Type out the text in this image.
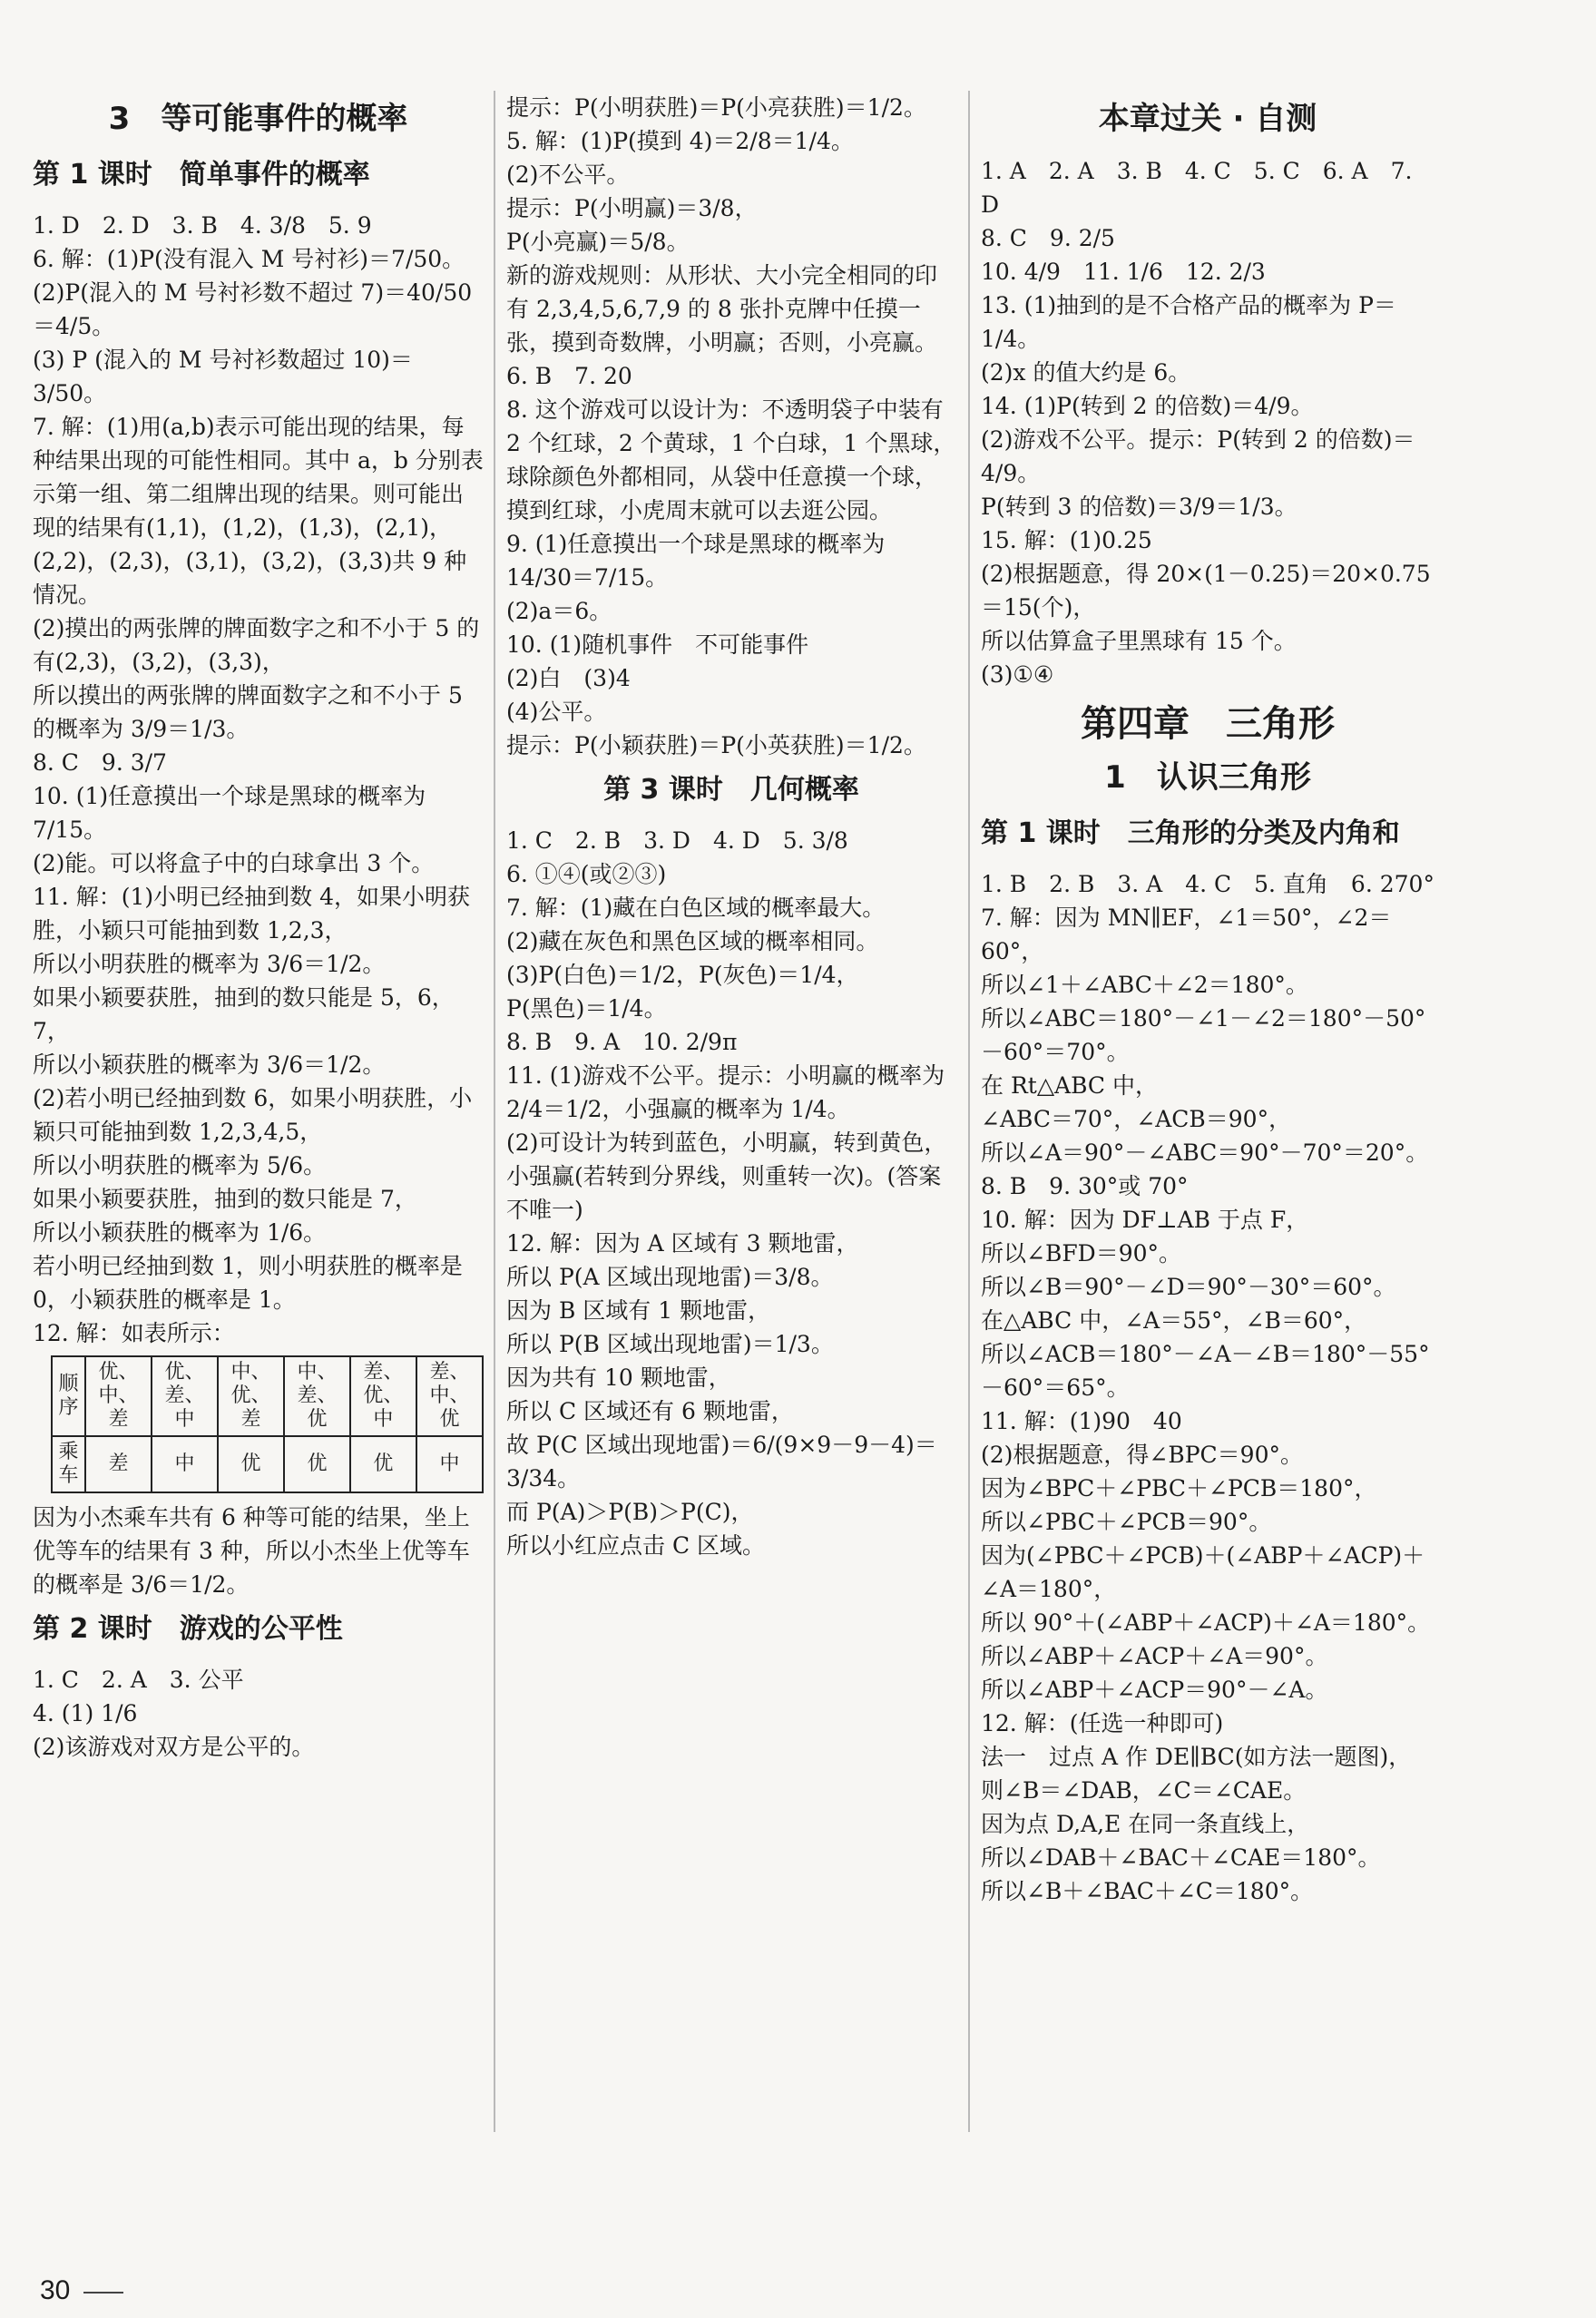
3　等可能事件的概率
第 1 课时　简单事件的概率
1. D　2. D　3. B　4. 3/8　5. 9
6. 解：(1)P(没有混入 M 号衬衫)＝7/50。
(2)P(混入的 M 号衬衫数不超过 7)＝40/50＝4/5。
(3) P (混入的 M 号衬衫数超过 10)＝3/50。
7. 解：(1)用(a,b)表示可能出现的结果，每种结果出现的可能性相同。其中 a，b 分别表示第一组、第二组牌出现的结果。则可能出现的结果有(1,1)，(1,2)，(1,3)，(2,1)，(2,2)，(2,3)，(3,1)，(3,2)，(3,3)共 9 种情况。
(2)摸出的两张牌的牌面数字之和不小于 5 的有(2,3)，(3,2)，(3,3)，
所以摸出的两张牌的牌面数字之和不小于 5 的概率为 3/9＝1/3。
8. C　9. 3/7
10. (1)任意摸出一个球是黑球的概率为 7/15。
(2)能。可以将盒子中的白球拿出 3 个。
11. 解：(1)小明已经抽到数 4，如果小明获胜，小颖只可能抽到数 1,2,3，
所以小明获胜的概率为 3/6＝1/2。
如果小颖要获胜，抽到的数只能是 5，6，7，
所以小颖获胜的概率为 3/6＝1/2。
(2)若小明已经抽到数 6，如果小明获胜，小颖只可能抽到数 1,2,3,4,5，
所以小明获胜的概率为 5/6。
如果小颖要获胜，抽到的数只能是 7，
所以小颖获胜的概率为 1/6。
若小明已经抽到数 1，则小明获胜的概率是 0，小颖获胜的概率是 1。
12. 解：如表所示：
顺序	优、中、差	优、差、中	中、优、差	中、差、优	差、优、中	差、中、优
乘车	差	中	优	优	优	中
因为小杰乘车共有 6 种等可能的结果，坐上优等车的结果有 3 种，所以小杰坐上优等车的概率是 3/6＝1/2。
第 2 课时　游戏的公平性
1. C　2. A　3. 公平
4. (1) 1/6
(2)该游戏对双方是公平的。
提示：P(小明获胜)＝P(小亮获胜)＝1/2。
5. 解：(1)P(摸到 4)＝2/8＝1/4。
(2)不公平。
提示：P(小明赢)＝3/8，
P(小亮赢)＝5/8。
新的游戏规则：从形状、大小完全相同的印有 2,3,4,5,6,7,9 的 8 张扑克牌中任摸一张，摸到奇数牌，小明赢；否则，小亮赢。
6. B　7. 20
8. 这个游戏可以设计为：不透明袋子中装有 2 个红球，2 个黄球，1 个白球，1 个黑球，球除颜色外都相同，从袋中任意摸一个球，摸到红球，小虎周末就可以去逛公园。
9. (1)任意摸出一个球是黑球的概率为 14/30＝7/15。
(2)a＝6。
10. (1)随机事件　不可能事件
(2)白　(3)4
(4)公平。
提示：P(小颖获胜)＝P(小英获胜)＝1/2。
第 3 课时　几何概率
1. C　2. B　3. D　4. D　5. 3/8
6. ①④(或②③)
7. 解：(1)藏在白色区域的概率最大。
(2)藏在灰色和黑色区域的概率相同。
(3)P(白色)＝1/2，P(灰色)＝1/4，
P(黑色)＝1/4。
8. B　9. A　10. 2/9π
11. (1)游戏不公平。提示：小明赢的概率为 2/4＝1/2，小强赢的概率为 1/4。
(2)可设计为转到蓝色，小明赢，转到黄色，小强赢(若转到分界线，则重转一次)。(答案不唯一)
12. 解：因为 A 区域有 3 颗地雷，
所以 P(A 区域出现地雷)＝3/8。
因为 B 区域有 1 颗地雷，
所以 P(B 区域出现地雷)＝1/3。
因为共有 10 颗地雷，
所以 C 区域还有 6 颗地雷，
故 P(C 区域出现地雷)＝6/(9×9－9－4)＝3/34。
而 P(A)＞P(B)＞P(C)，
所以小红应点击 C 区域。
本章过关 · 自测
1. A　2. A　3. B　4. C　5. C　6. A　7. D
8. C　9. 2/5
10. 4/9　11. 1/6　12. 2/3
13. (1)抽到的是不合格产品的概率为 P＝1/4。
(2)x 的值大约是 6。
14. (1)P(转到 2 的倍数)＝4/9。
(2)游戏不公平。提示：P(转到 2 的倍数)＝4/9。
P(转到 3 的倍数)＝3/9＝1/3。
15. 解：(1)0.25
(2)根据题意，得 20×(1－0.25)＝20×0.75＝15(个)，
所以估算盒子里黑球有 15 个。
(3)①④
第四章　三角形
1　认识三角形
第 1 课时　三角形的分类及内角和
1. B　2. B　3. A　4. C　5. 直角　6. 270°
7. 解：因为 MN∥EF，∠1＝50°，∠2＝60°，
所以∠1＋∠ABC＋∠2＝180°。
所以∠ABC＝180°－∠1－∠2＝180°－50°－60°＝70°。
在 Rt△ABC 中，
∠ABC＝70°，∠ACB＝90°，
所以∠A＝90°－∠ABC＝90°－70°＝20°。
8. B　9. 30°或 70°
10. 解：因为 DF⊥AB 于点 F，
所以∠BFD＝90°。
所以∠B＝90°－∠D＝90°－30°＝60°。
在△ABC 中，∠A＝55°，∠B＝60°，
所以∠ACB＝180°－∠A－∠B＝180°－55°－60°＝65°。
11. 解：(1)90　40
(2)根据题意，得∠BPC＝90°。
因为∠BPC＋∠PBC＋∠PCB＝180°，
所以∠PBC＋∠PCB＝90°。
因为(∠PBC＋∠PCB)＋(∠ABP＋∠ACP)＋∠A＝180°，
所以 90°＋(∠ABP＋∠ACP)＋∠A＝180°。
所以∠ABP＋∠ACP＋∠A＝90°。
所以∠ABP＋∠ACP＝90°－∠A。
12. 解：(任选一种即可)
法一　过点 A 作 DE∥BC(如方法一题图)，
则∠B＝∠DAB，∠C＝∠CAE。
因为点 D,A,E 在同一条直线上，
所以∠DAB＋∠BAC＋∠CAE＝180°。
所以∠B＋∠BAC＋∠C＝180°。
30
